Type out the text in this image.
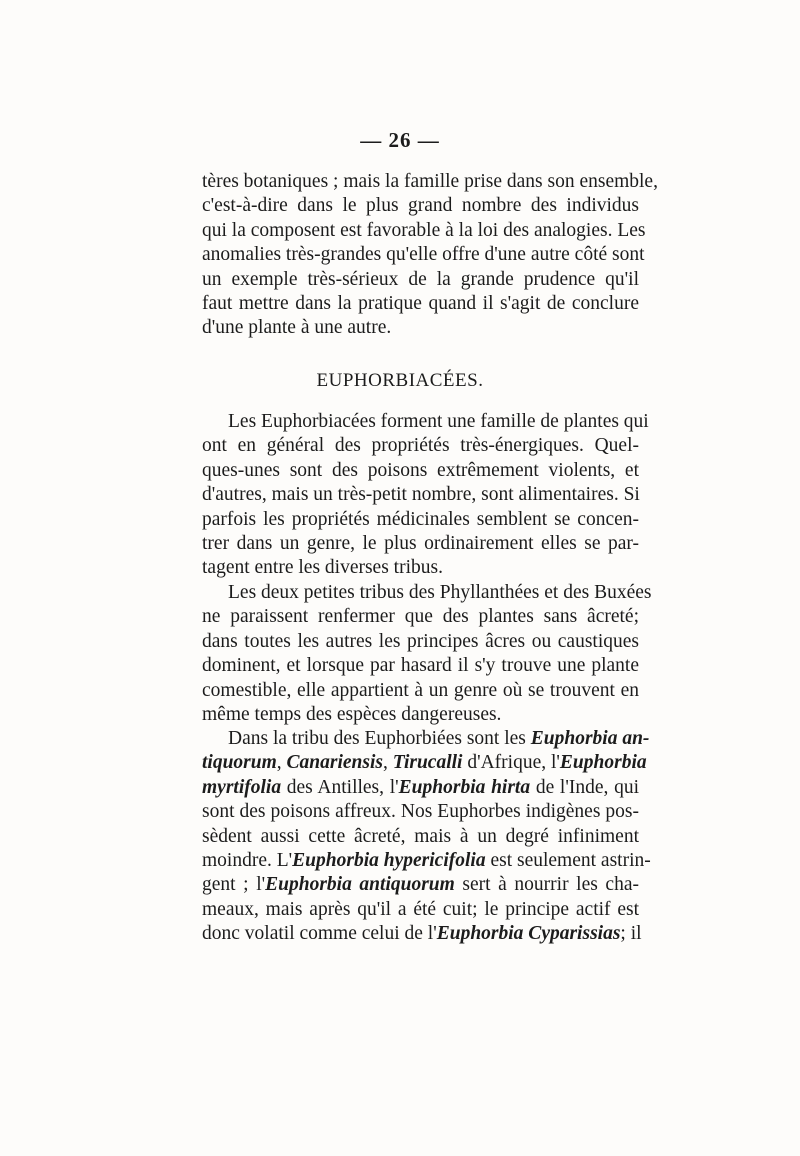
— 26 —
tères botaniques ; mais la famille prise dans son ensemble,
c'est-à-dire dans le plus grand nombre des individus
qui la composent est favorable à la loi des analogies. Les
anomalies très-grandes qu'elle offre d'une autre côté sont
un exemple très-sérieux de la grande prudence qu'il
faut mettre dans la pratique quand il s'agit de conclure
d'une plante à une autre.
EUPHORBIACÉES.
Les Euphorbiacées forment une famille de plantes qui
ont en général des propriétés très-énergiques. Quel-
ques-unes sont des poisons extrêmement violents, et
d'autres, mais un très-petit nombre, sont alimentaires. Si
parfois les propriétés médicinales semblent se concen-
trer dans un genre, le plus ordinairement elles se par-
tagent entre les diverses tribus.
Les deux petites tribus des Phyllanthées et des Buxées
ne paraissent renfermer que des plantes sans âcreté;
dans toutes les autres les principes âcres ou caustiques
dominent, et lorsque par hasard il s'y trouve une plante
comestible, elle appartient à un genre où se trouvent en
même temps des espèces dangereuses.
Dans la tribu des Euphorbiées sont les Euphorbia an-
tiquorum, Canariensis, Tirucalli d'Afrique, l'Euphorbia
myrtifolia des Antilles, l'Euphorbia hirta de l'Inde, qui
sont des poisons affreux. Nos Euphorbes indigènes pos-
sèdent aussi cette âcreté, mais à un degré infiniment
moindre. L'Euphorbia hypericifolia est seulement astrin-
gent ; l'Euphorbia antiquorum sert à nourrir les cha-
meaux, mais après qu'il a été cuit; le principe actif est
donc volatil comme celui de l'Euphorbia Cyparissias; il
